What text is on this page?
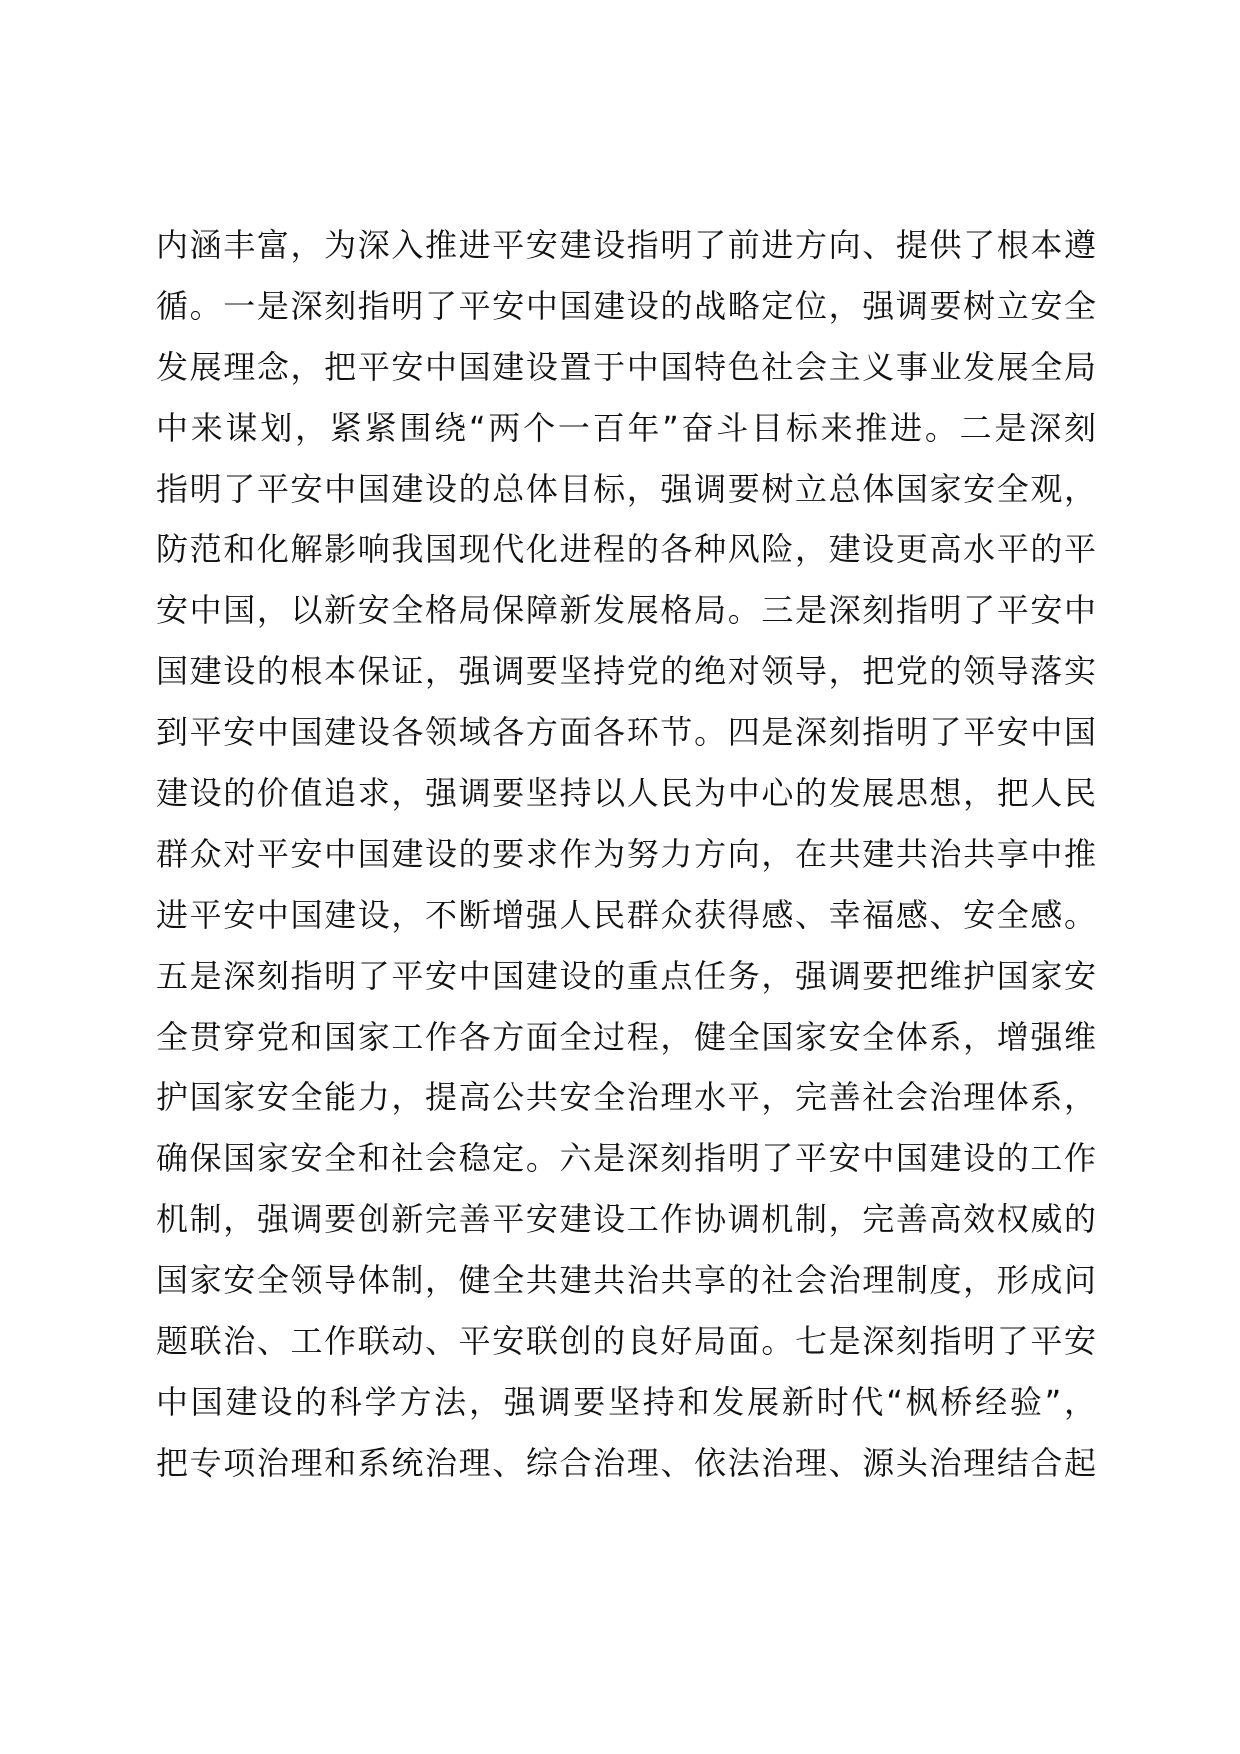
内涵丰富，为深入推进平安建设指明了前进方向、提供了根本遵
循。一是深刻指明了平安中国建设的战略定位，强调要树立安全
发展理念，把平安中国建设置于中国特色社会主义事业发展全局
中来谋划，紧紧围绕“两个一百年”奋斗目标来推进。二是深刻
指明了平安中国建设的总体目标，强调要树立总体国家安全观，
防范和化解影响我国现代化进程的各种风险，建设更高水平的平
安中国，以新安全格局保障新发展格局。三是深刻指明了平安中
国建设的根本保证，强调要坚持党的绝对领导，把党的领导落实
到平安中国建设各领域各方面各环节。四是深刻指明了平安中国
建设的价值追求，强调要坚持以人民为中心的发展思想，把人民
群众对平安中国建设的要求作为努力方向，在共建共治共享中推
进平安中国建设，不断增强人民群众获得感、幸福感、安全感。
五是深刻指明了平安中国建设的重点任务，强调要把维护国家安
全贯穿党和国家工作各方面全过程，健全国家安全体系，增强维
护国家安全能力，提高公共安全治理水平，完善社会治理体系，
确保国家安全和社会稳定。六是深刻指明了平安中国建设的工作
机制，强调要创新完善平安建设工作协调机制，完善高效权威的
国家安全领导体制，健全共建共治共享的社会治理制度，形成问
题联治、工作联动、平安联创的良好局面。七是深刻指明了平安
中国建设的科学方法，强调要坚持和发展新时代“枫桥经验”，
把专项治理和系统治理、综合治理、依法治理、源头治理结合起
